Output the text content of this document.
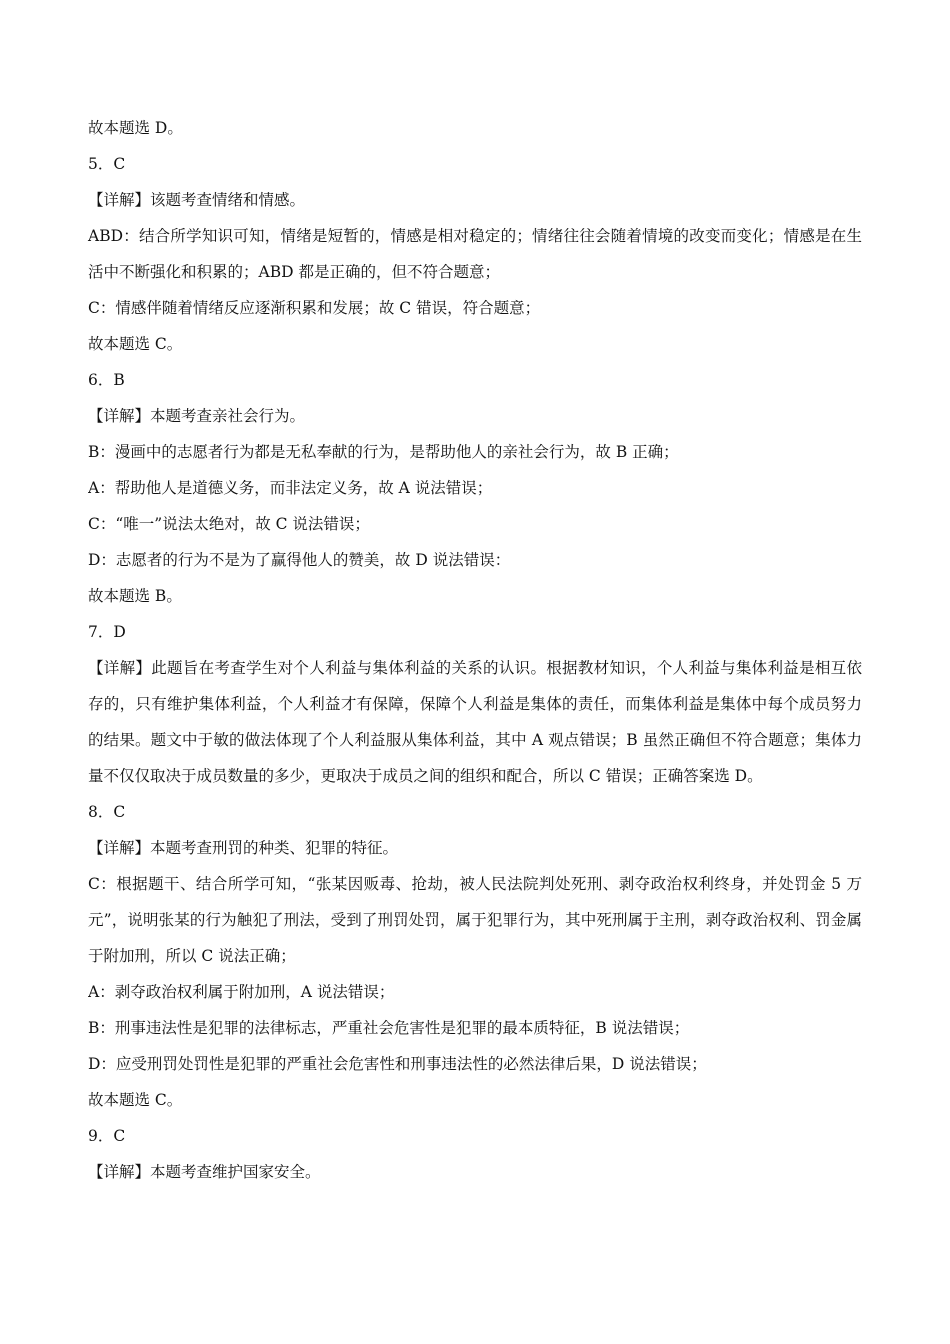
故本题选 D。
5．C
【详解】该题考查情绪和情感。
ABD：结合所学知识可知，情绪是短暂的，情感是相对稳定的；情绪往往会随着情境的改变而变化；情感是在生活中不断强化和积累的；ABD 都是正确的，但不符合题意；
C：情感伴随着情绪反应逐渐积累和发展；故 C 错误，符合题意；
故本题选 C。
6．B
【详解】本题考查亲社会行为。
B：漫画中的志愿者行为都是无私奉献的行为，是帮助他人的亲社会行为，故 B 正确；
A：帮助他人是道德义务，而非法定义务，故 A 说法错误；
C：“唯一”说法太绝对，故 C 说法错误；
D：志愿者的行为不是为了赢得他人的赞美，故 D 说法错误：
故本题选 B。
7．D
【详解】此题旨在考查学生对个人利益与集体利益的关系的认识。根据教材知识，个人利益与集体利益是相互依存的，只有维护集体利益，个人利益才有保障，保障个人利益是集体的责任，而集体利益是集体中每个成员努力的结果。题文中于敏的做法体现了个人利益服从集体利益，其中 A 观点错误；B 虽然正确但不符合题意；集体力量不仅仅取决于成员数量的多少，更取决于成员之间的组织和配合，所以 C 错误；正确答案选 D。
8．C
【详解】本题考查刑罚的种类、犯罪的特征。
C：根据题干、结合所学可知，“张某因贩毒、抢劫，被人民法院判处死刑、剥夺政治权利终身，并处罚金 5 万元”，说明张某的行为触犯了刑法，受到了刑罚处罚，属于犯罪行为，其中死刑属于主刑，剥夺政治权利、罚金属于附加刑，所以 C 说法正确；
A：剥夺政治权利属于附加刑，A 说法错误；
B：刑事违法性是犯罪的法律标志，严重社会危害性是犯罪的最本质特征，B 说法错误；
D：应受刑罚处罚性是犯罪的严重社会危害性和刑事违法性的必然法律后果，D 说法错误；
故本题选 C。
9．C
【详解】本题考查维护国家安全。
